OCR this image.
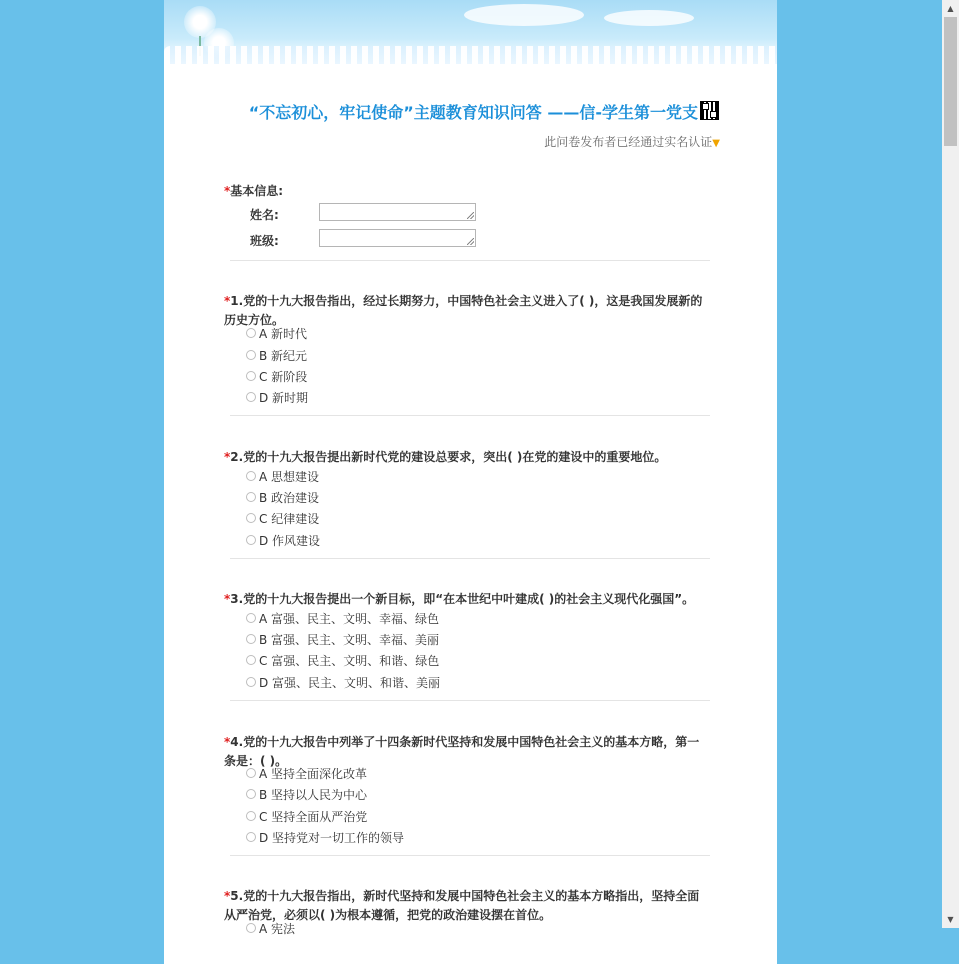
“不忘初心，牢记使命”主题教育知识问答 ——信-学生第一党支
此问卷发布者已经通过实名认证▼
*基本信息:
姓名:
班级:
*1.党的十九大报告指出，经过长期努力，中国特色社会主义进入了( )，这是我国发展新的历史方位。
A 新时代
B 新纪元
C 新阶段
D 新时期
*2.党的十九大报告提出新时代党的建设总要求，突出( )在党的建设中的重要地位。
A 思想建设
B 政治建设
C 纪律建设
D 作风建设
*3.党的十九大报告提出一个新目标，即“在本世纪中叶建成( )的社会主义现代化强国”。
A 富强、民主、文明、幸福、绿色
B 富强、民主、文明、幸福、美丽
C 富强、民主、文明、和谐、绿色
D 富强、民主、文明、和谐、美丽
*4.党的十九大报告中列举了十四条新时代坚持和发展中国特色社会主义的基本方略，第一条是：( )。
A 坚持全面深化改革
B 坚持以人民为中心
C 坚持全面从严治党
D 坚持党对一切工作的领导
*5.党的十九大报告指出，新时代坚持和发展中国特色社会主义的基本方略指出，坚持全面从严治党，必须以( )为根本遵循，把党的政治建设摆在首位。
A 宪法
▲
▼
